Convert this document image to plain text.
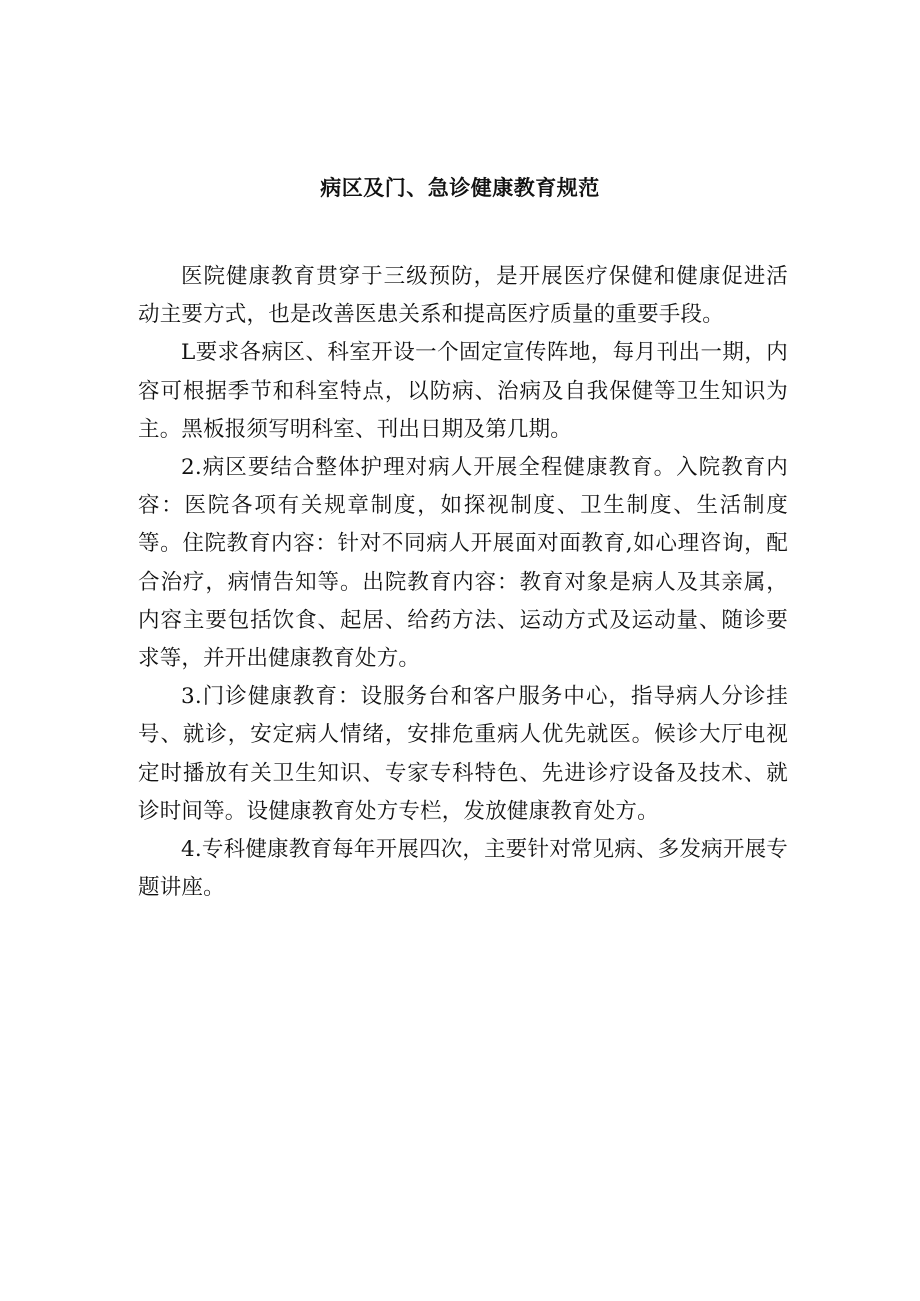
病区及门、急诊健康教育规范

医院健康教育贯穿于三级预防，是开展医疗保健和健康促进活动主要方式，也是改善医患关系和提高医疗质量的重要手段。

L要求各病区、科室开设一个固定宣传阵地，每月刊出一期，内容可根据季节和科室特点，以防病、治病及自我保健等卫生知识为主。黑板报须写明科室、刊出日期及第几期。

2.病区要结合整体护理对病人开展全程健康教育。入院教育内容：医院各项有关规章制度，如探视制度、卫生制度、生活制度等。住院教育内容：针对不同病人开展面对面教育,如心理咨询，配合治疗，病情告知等。出院教育内容：教育对象是病人及其亲属，内容主要包括饮食、起居、给药方法、运动方式及运动量、随诊要求等，并开出健康教育处方。

3.门诊健康教育：设服务台和客户服务中心，指导病人分诊挂号、就诊，安定病人情绪，安排危重病人优先就医。候诊大厅电视定时播放有关卫生知识、专家专科特色、先进诊疗设备及技术、就诊时间等。设健康教育处方专栏，发放健康教育处方。

4.专科健康教育每年开展四次，主要针对常见病、多发病开展专题讲座。
